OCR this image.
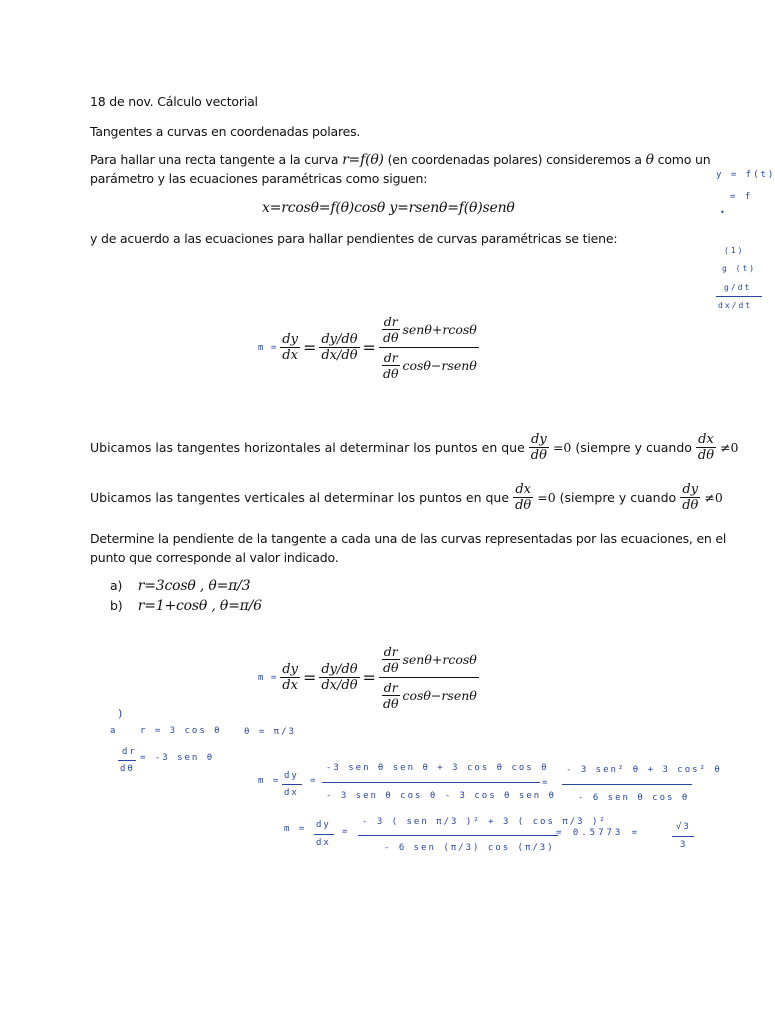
18 de nov. Cálculo vectorial
Tangentes a curvas en coordenadas polares.
Para hallar una recta tangente a la curva r=f(θ) (en coordenadas polares) consideremos a θ como un
parámetro y las ecuaciones paramétricas como siguen:
x=rcosθ=f(θ)cosθ y=rsenθ=f(θ)senθ
y de acuerdo a las ecuaciones para hallar pendientes de curvas paramétricas se tiene:
$m = \frac{dy}{dx} = \frac{dy/d\theta}{dx/d\theta} = \frac{\frac{dr}{d\theta} sen\theta+rcos\theta}{\frac{dr}{d\theta} \cos\theta-rsen\theta}$
Ubicamos las tangentes horizontales al determinar los puntos en que $\frac{dy}{d\theta} =0$ (siempre y cuando $\frac{dx}{d\theta} \ne 0$
Ubicamos las tangentes verticales al determinar los puntos en que $\frac{dx}{d\theta} =0$ (siempre y cuando $\frac{dy}{d\theta} \ne 0$
Determine la pendiente de la tangente a cada una de las curvas representadas por las ecuaciones, en el
punto que corresponde al valor indicado.
a) r=3cosθ , θ=π/3
b) r=1+cosθ , θ=π/6
$m = \frac{dy}{dx} = \frac{dy/d\theta}{dx/d\theta} = \frac{\frac{dr}{d\theta} sen\theta+rcos\theta}{\frac{dr}{d\theta} \cos\theta-rsen\theta}$
y = f(t)
= f
•
(1)
g (t)
g/dt
dx/dt
)
a	r = 3 cos θ θ = π/3
dr
dθ
= -3 sen θ
m = dy
dx
=
-3 sen θ sen θ + 3 cos θ cos θ
- 3 sen θ cos θ - 3 cos θ sen θ
=
- 3 sen² θ + 3 cos² θ
- 6 sen θ cos θ
m = dy
dx
=
- 3 ( sen π/3 )² + 3 ( cos π/3 )²
- 6 sen (π/3) cos (π/3)
= 0.5773 =
√3
3
